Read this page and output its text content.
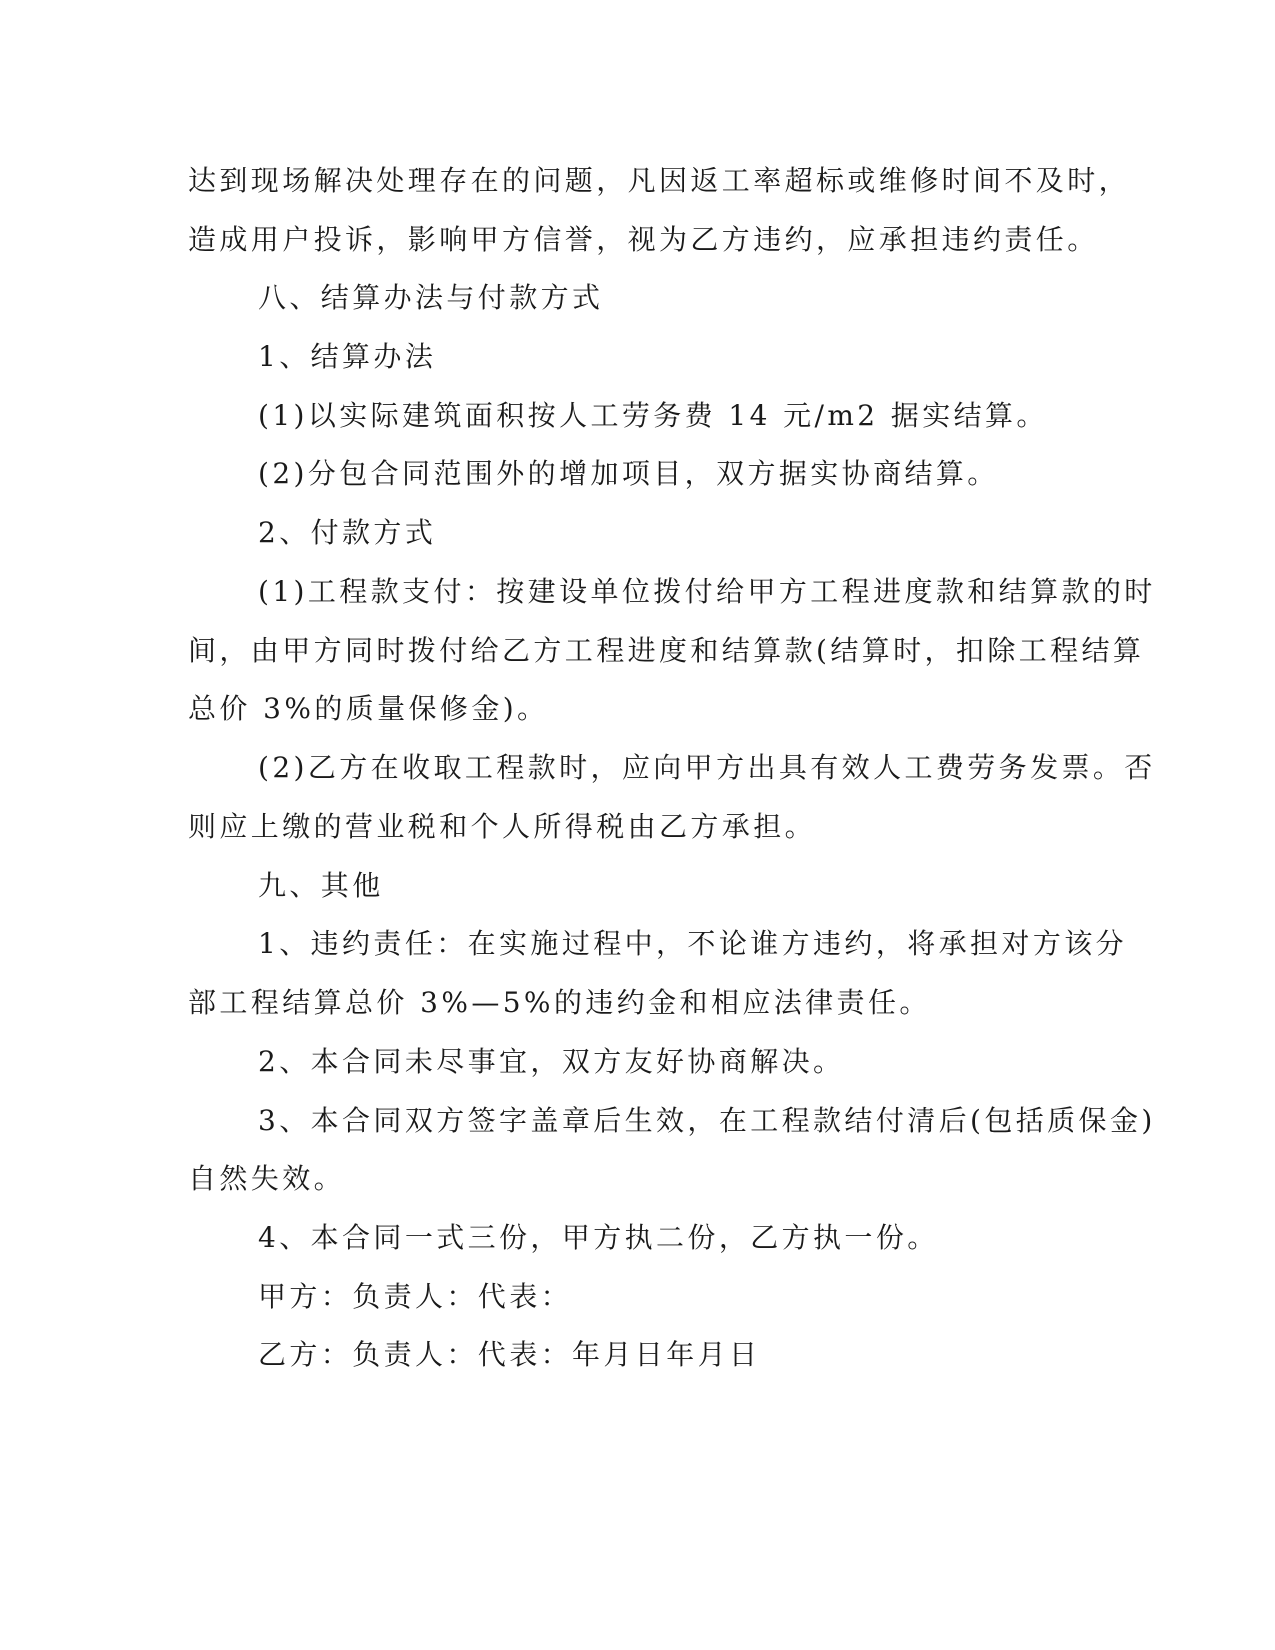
达到现场解决处理存在的问题，凡因返工率超标或维修时间不及时，
造成用户投诉，影响甲方信誉，视为乙方违约，应承担违约责任。
八、结算办法与付款方式
1、结算办法
(1)以实际建筑面积按人工劳务费 14 元/m2 据实结算。
(2)分包合同范围外的增加项目，双方据实协商结算。
2、付款方式
(1)工程款支付：按建设单位拨付给甲方工程进度款和结算款的时
间，由甲方同时拨付给乙方工程进度和结算款(结算时，扣除工程结算
总价 3%的质量保修金)。
(2)乙方在收取工程款时，应向甲方出具有效人工费劳务发票。否
则应上缴的营业税和个人所得税由乙方承担。
九、其他
1、违约责任：在实施过程中，不论谁方违约，将承担对方该分
部工程结算总价 3%—5%的违约金和相应法律责任。
2、本合同未尽事宜，双方友好协商解决。
3、本合同双方签字盖章后生效，在工程款结付清后(包括质保金)
自然失效。
4、本合同一式三份，甲方执二份，乙方执一份。
甲方：负责人：代表：
乙方：负责人：代表：年月日年月日
